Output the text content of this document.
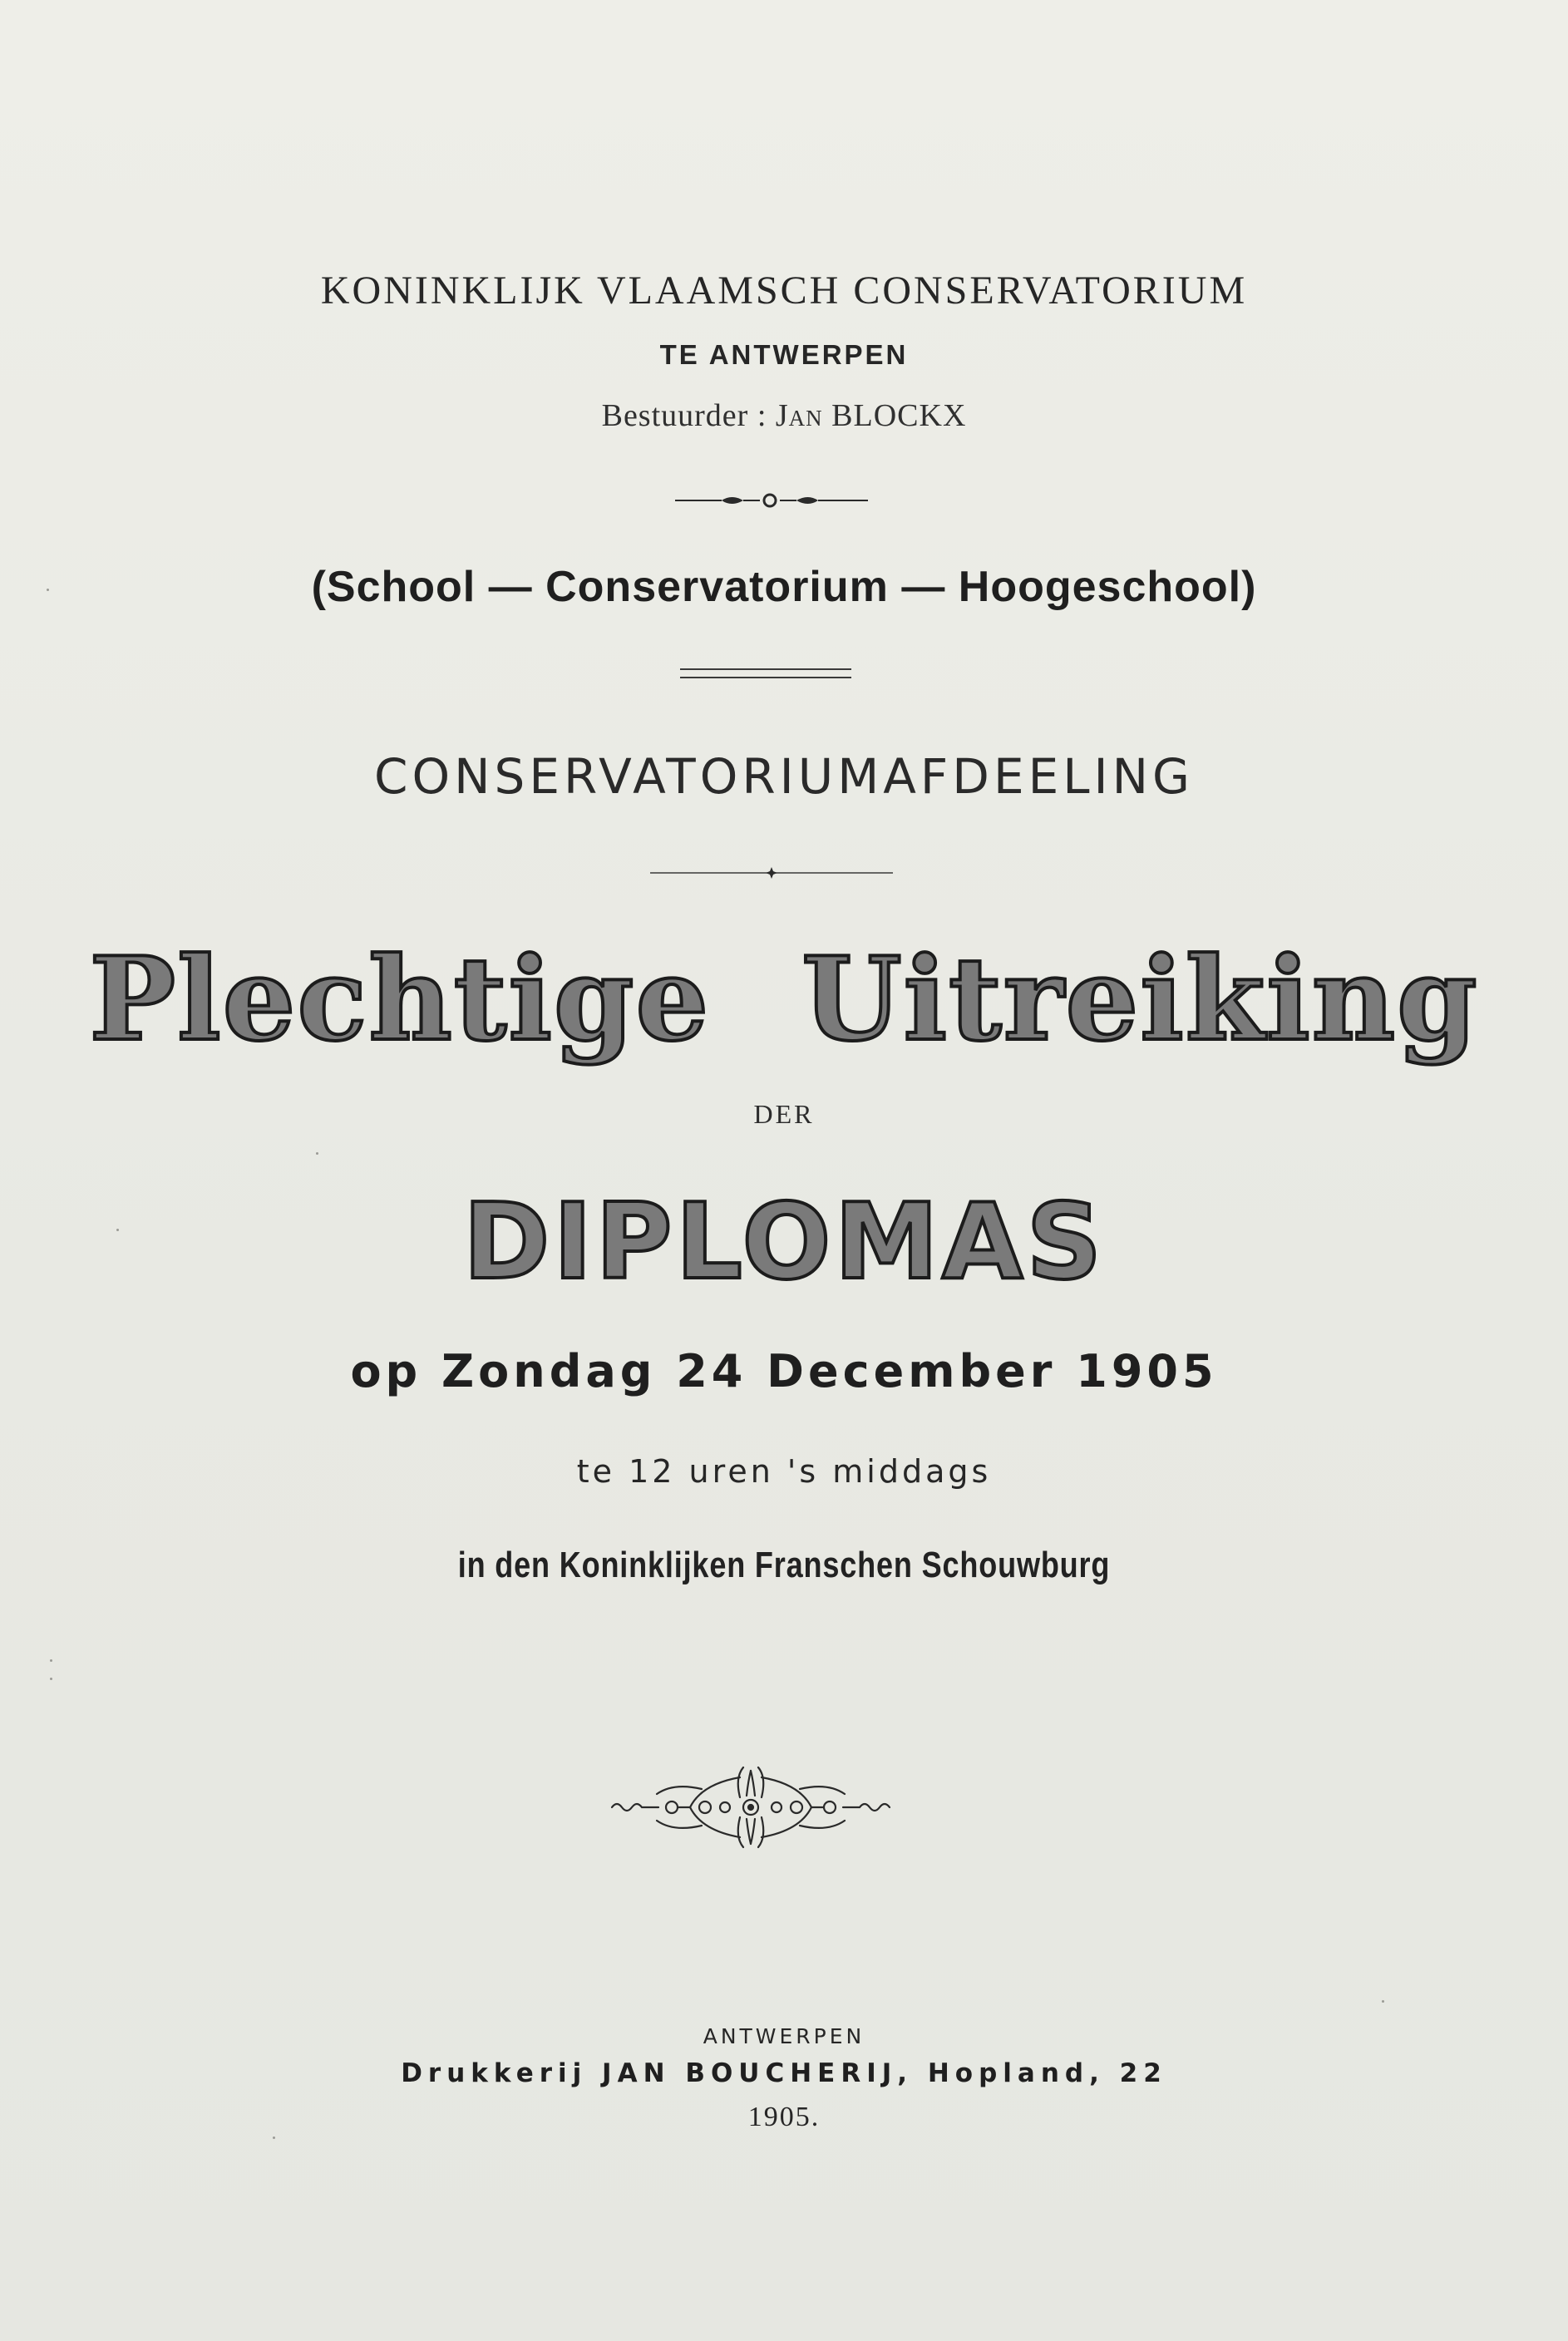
KONINKLIJK VLAAMSCH CONSERVATORIUM
TE ANTWERPEN
Bestuurder : Jan BLOCKX
(School — Conservatorium — Hoogeschool)
CONSERVATORIUMAFDEELING
Plechtige Uitreiking
DER
DIPLOMAS
op Zondag 24 December 1905
te 12 uren 's middags
in den Koninklijken Franschen Schouwburg
ANTWERPEN
Drukkerij JAN BOUCHERIJ, Hopland, 22
1905.
